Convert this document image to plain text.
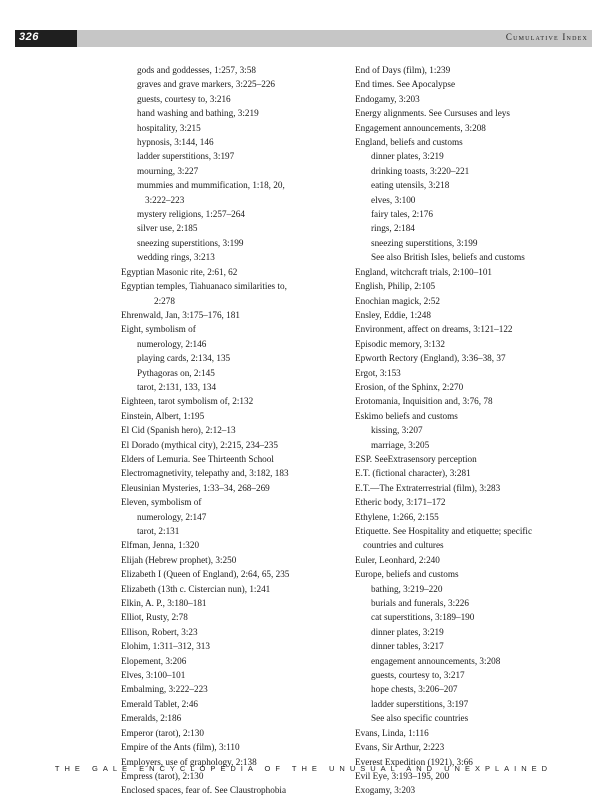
326	Cumulative Index
gods and goddesses, 1:257, 3:58
graves and grave markers, 3:225–226
guests, courtesy to, 3:216
hand washing and bathing, 3:219
hospitality, 3:215
hypnosis, 3:144, 146
ladder superstitions, 3:197
mourning, 3:227
mummies and mummification, 1:18, 20,
3:222–223
mystery religions, 1:257–264
silver use, 2:185
sneezing superstitions, 3:199
wedding rings, 3:213
Egyptian Masonic rite, 2:61, 62
Egyptian temples, Tiahuanaco similarities to,
2:278
Ehrenwald, Jan, 3:175–176, 181
Eight, symbolism of
numerology, 2:146
playing cards, 2:134, 135
Pythagoras on, 2:145
tarot, 2:131, 133, 134
Eighteen, tarot symbolism of, 2:132
Einstein, Albert, 1:195
El Cid (Spanish hero), 2:12–13
El Dorado (mythical city), 2:215, 234–235
Elders of Lemuria. See Thirteenth School
Electromagnetivity, telepathy and, 3:182, 183
Eleusinian Mysteries, 1:33–34, 268–269
Eleven, symbolism of
numerology, 2:147
tarot, 2:131
Elfman, Jenna, 1:320
Elijah (Hebrew prophet), 3:250
Elizabeth I (Queen of England), 2:64, 65, 235
Elizabeth (13th c. Cistercian nun), 1:241
Elkin, A. P., 3:180–181
Elliot, Rusty, 2:78
Ellison, Robert, 3:23
Elohim, 1:311–312, 313
Elopement, 3:206
Elves, 3:100–101
Embalming, 3:222–223
Emerald Tablet, 2:46
Emeralds, 2:186
Emperor (tarot), 2:130
Empire of the Ants (film), 3:110
Employers, use of graphology, 2:138
Empress (tarot), 2:130
Enclosed spaces, fear of. See Claustrophobia
End of Days (film), 1:239
End times. See Apocalypse
Endogamy, 3:203
Energy alignments. See Cursuses and leys
Engagement announcements, 3:208
England, beliefs and customs
dinner plates, 3:219
drinking toasts, 3:220–221
eating utensils, 3:218
elves, 3:100
fairy tales, 2:176
rings, 2:184
sneezing superstitions, 3:199
See also British Isles, beliefs and customs
England, witchcraft trials, 2:100–101
English, Philip, 2:105
Enochian magick, 2:52
Ensley, Eddie, 1:248
Environment, affect on dreams, 3:121–122
Episodic memory, 3:132
Epworth Rectory (England), 3:36–38, 37
Ergot, 3:153
Erosion, of the Sphinx, 2:270
Erotomania, Inquisition and, 3:76, 78
Eskimo beliefs and customs
kissing, 3:207
marriage, 3:205
ESP. SeeExtrasensory perception
E.T. (fictional character), 3:281
E.T.—The Extraterrestrial (film), 3:283
Etheric body, 3:171–172
Ethylene, 1:266, 2:155
Etiquette. See Hospitality and etiquette; specific
countries and cultures
Euler, Leonhard, 2:240
Europe, beliefs and customs
bathing, 3:219–220
burials and funerals, 3:226
cat superstitions, 3:189–190
dinner plates, 3:219
dinner tables, 3:217
engagement announcements, 3:208
guests, courtesy to, 3:217
hope chests, 3:206–207
ladder superstitions, 3:197
See also specific countries
Evans, Linda, 1:116
Evans, Sir Arthur, 2:223
Everest Expedition (1921), 3:66
Evil Eye, 3:193–195, 200
Exogamy, 3:203
THE GALE ENCYCLOPEDIA OF THE UNUSUAL AND UNEXPLAINED
